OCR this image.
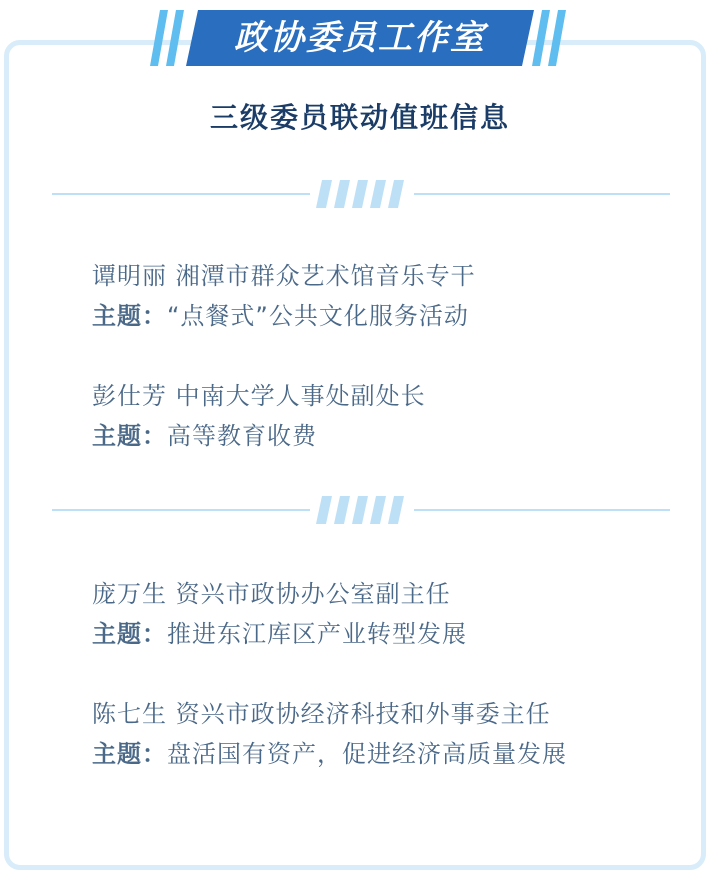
政协委员工作室
三级委员联动值班信息
谭明丽 湘潭市群众艺术馆音乐专干
主题：“点餐式”公共文化服务活动
彭仕芳 中南大学人事处副处长
主题：高等教育收费
庞万生 资兴市政协办公室副主任
主题：推进东江库区产业转型发展
陈七生 资兴市政协经济科技和外事委主任
主题：盘活国有资产，促进经济高质量发展
